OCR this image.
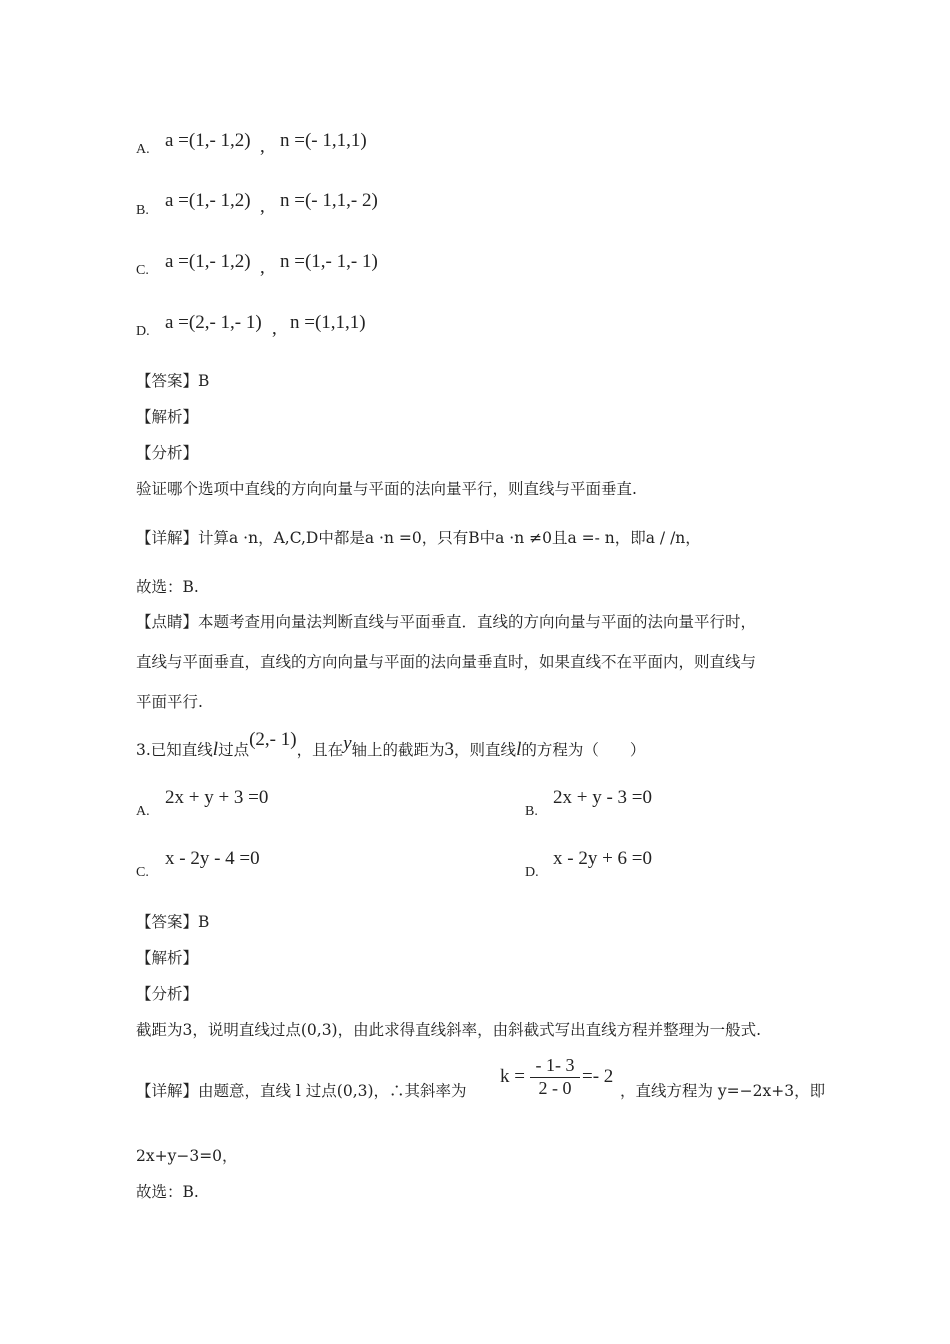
A. a =(1,- 1,2) , n =(- 1,1,1)
B. a =(1,- 1,2) , n =(- 1,1,- 2)
C. a =(1,- 1,2) , n =(1,- 1,- 1)
D. a =(2,- 1,- 1) , n =(1,1,1)
【答案】B
【解析】
【分析】
验证哪个选项中直线的方向向量与平面的法向量平行，则直线与平面垂直.
【详解】计算a ·n，A,C,D中都是a ·n =0，只有B中a ·n ≠0且a =- n，即a / /n，
故选：B.
【点睛】本题考查用向量法判断直线与平面垂直．直线的方向向量与平面的法向量平行时，
直线与平面垂直，直线的方向向量与平面的法向量垂直时，如果直线不在平面内，则直线与
平面平行.
3.已知直线l过点(2,- 1)，且在y轴上的截距为3，则直线l的方程为（　　）
A.
2x + y + 3 =0
B.
2x + y - 3 =0
C.
x - 2y - 4 =0
D.
x - 2y + 6 =0
【答案】B
【解析】
【分析】
截距为3，说明直线过点(0,3)，由此求得直线斜率，由斜截式写出直线方程并整理为一般式.
【详解】由题意，直线 l 过点(0,3)，∴其斜率为
$k = \frac{- 1- 3}{2 - 0} =- 2$
，直线方程为 y=−2x+3，即
2x+y−3=0，
故选：B.
